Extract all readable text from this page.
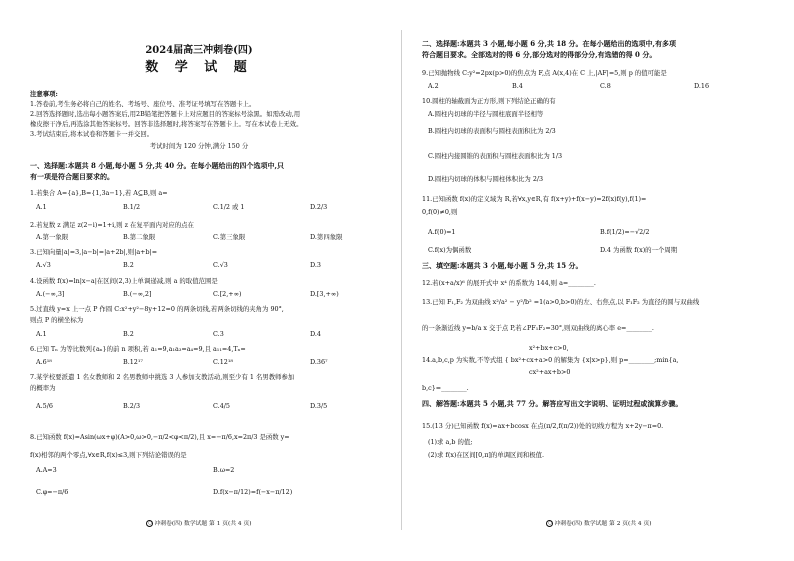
2024届高三冲刺卷(四)
数 学 试 题
注意事项:
1.答卷前,考生务必将自己的姓名、考场号、座位号、准考证号填写在答题卡上。
2.回答选择题时,选出每小题答案后,用2B铅笔把答题卡上对应题目的答案标号涂黑。如需改动,用
橡皮擦干净后,再选涂其他答案标号。回答非选择题时,将答案写在答题卡上。写在本试卷上无效。
3.考试结束后,将本试卷和答题卡一并交回。
考试时间为 120 分钟,满分 150 分
一、选择题:本题共 8 小题,每小题 5 分,共 40 分。在每小题给出的四个选项中,只
有一项是符合题目要求的。
1.若集合 A={a},B={1,3a−1},若 A⊆B,则 a=
A.1	B.1/2	C.1/2 或 1	D.2/3
2.若复数 z 满足 z(2−i)=1+i,则 z 在复平面内对应的点在
A.第一象限	B.第二象限	C.第三象限	D.第四象限
3.已知向量|a|=3,|a−b|=|a+2b|,则|a+b|=
A.√3	B.2	C.√3	D.3
4.设函数 f(x)=ln|x−a|在区间(2,3)上单调递减,则 a 的取值范围是
A.(−∞,3]	B.(−∞,2]	C.[2,+∞)	D.[3,+∞)
5.过直线 y=x 上一点 P 作圆 C:x²+y²−8y+12=0 的两条切线,若两条切线的夹角为 90°,
则点 P 的横坐标为
A.1	B.2	C.3	D.4
6.已知 Tₙ 为等比数列{aₙ}的前 n 项积,若 a₁=9,a₁a₃=a₄=9,且 a₁₁=4,Tₙ=
A.6¹⁸	B.12¹⁷	C.12¹⁸	D.36⁷
7.某学校要派遣 1 名女教师和 2 名男教师中挑选 3 人参加支教活动,则至少有 1 名男教师参加
的概率为
A.5/6	B.2/3	C.4/5	D.3/5
8.已知函数 f(x)=Asin(ωx+φ)(A>0,ω>0,−π/2<φ<π/2),且 x=−π/6,x=2π/3 是函数 y=
f(x)相邻的两个零点,∀x∈R,f(x)≤3,则下列结论错误的是
A.A=3	B.ω=2
C.φ=−π/6	D.f(x−π/12)=f(−x−π/12)
○ 冲刺卷(四) 数学试题 第 1 页(共 4 页)
二、选择题:本题共 3 小题,每小题 6 分,共 18 分。在每小题给出的选项中,有多项
符合题目要求。全部选对的得 6 分,部分选对的得部分分,有选错的得 0 分。
9.已知抛物线 C:y²=2px(p>0)的焦点为 F,点 A(x,4)在 C 上,|AF|=5,则 p 的值可能是
A.2	B.4	C.8	D.16
10.圆柱的轴截面为正方形,则下列结论正确的有
A.圆柱内切球的半径与圆柱底面半径相等
B.圆柱内切球的表面积与圆柱表面积比为 2/3
C.圆柱内接圆锥的表面积与圆柱表面积比为 1/3
D.圆柱内切球的体积与圆柱体积比为 2/3
11.已知函数 f(x)的定义域为 R,若∀x,y∈R,有 f(x+y)+f(x−y)=2f(x)f(y),f(1)=
0,f(0)≠0,则
A.f(0)=1	B.f(1/2)=−√2/2
C.f(x)为偶函数	D.4 为函数 f(x)的一个周期
三、填空题:本题共 3 小题,每小题 5 分,共 15 分。
12.若(x+a/x)⁶ 的展开式中 x⁴ 的系数为 144,则 a=________.
13.已知 F₁,F₂ 为双曲线 x²/a² − y²/b² =1(a>0,b>0)的左、右焦点,以 F₁F₂ 为直径的圆与双曲线
的一条渐近线 y=b/a x 交于点 P,若∠PF₁F₂=30°,则双曲线的离心率 e=________.
x²+bx+c>0,
14.a,b,c,p 为实数,不等式组 { bx²+cx+a>0 的解集为 {x|x>p},则 p=________;min{a,
cx²+ax+b>0
b,c}=________.
四、解答题:本题共 5 小题,共 77 分。解答应写出文字说明、证明过程或演算步骤。
15.(13 分)已知函数 f(x)=ax+bcosx 在点(π/2,f(π/2))处的切线方程为 x+2y−π=0.
(1)求 a,b 的值;
(2)求 f(x)在区间[0,π]的单调区间和极值.
○ 冲刺卷(四) 数学试题 第 2 页(共 4 页)
